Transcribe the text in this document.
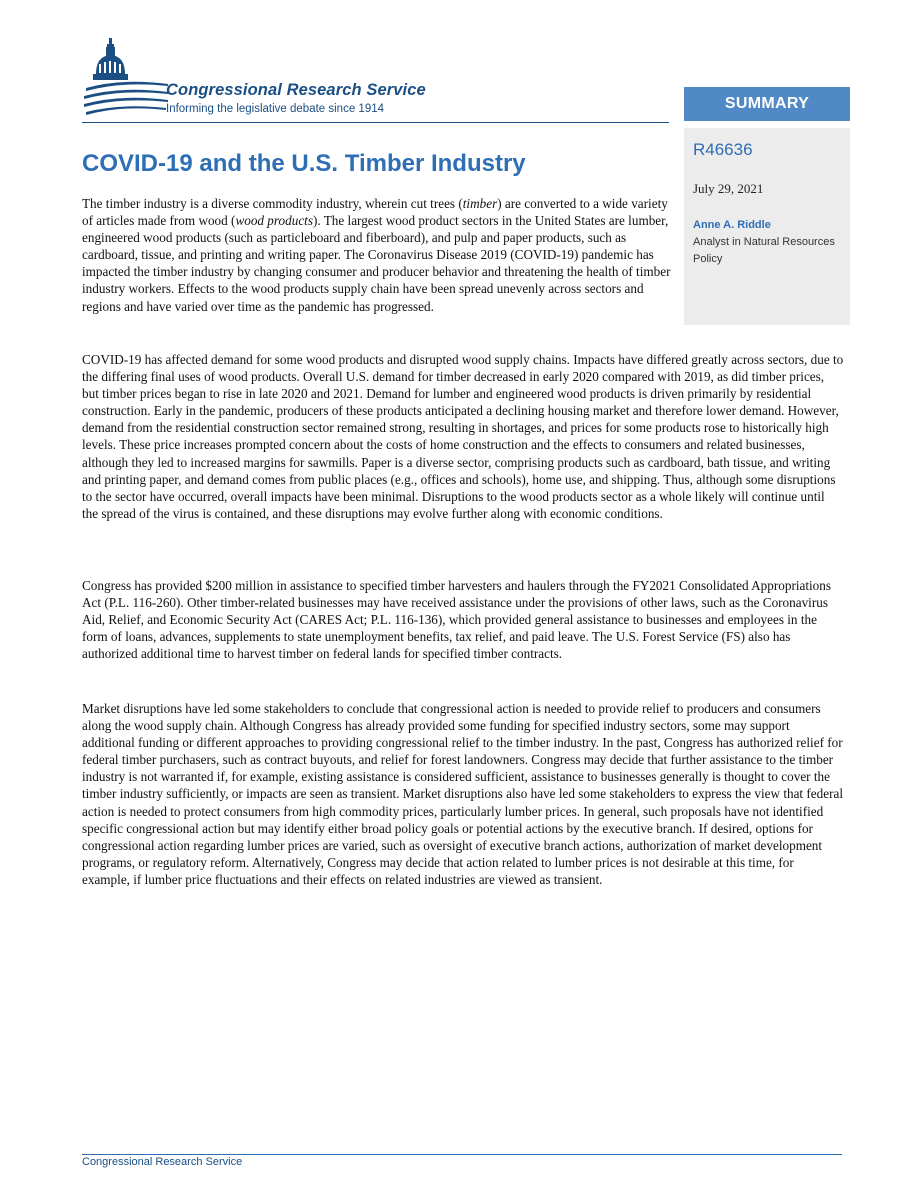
Congressional Research Service
Informing the legislative debate since 1914	SUMMARY
R46636
July 29, 2021
Anne A. Riddle
Analyst in Natural Resources Policy
COVID-19 and the U.S. Timber Industry

The timber industry is a diverse commodity industry, wherein cut trees (timber) are converted to a wide variety of articles made from wood (wood products). The largest wood product sectors in the United States are lumber, engineered wood products (such as particleboard and fiberboard), and pulp and paper products, such as cardboard, tissue, and printing and writing paper. The Coronavirus Disease 2019 (COVID-19) pandemic has impacted the timber industry by changing consumer and producer behavior and threatening the health of timber industry workers. Effects to the wood products supply chain have been spread unevenly across sectors and regions and have varied over time as the pandemic has progressed.

COVID-19 has affected demand for some wood products and disrupted wood supply chains. Impacts have differed greatly across sectors, due to the differing final uses of wood products. Overall U.S. demand for timber decreased in early 2020 compared with 2019, as did timber prices, but timber prices began to rise in late 2020 and 2021. Demand for lumber and engineered wood products is driven primarily by residential construction. Early in the pandemic, producers of these products anticipated a declining housing market and therefore lower demand. However, demand from the residential construction sector remained strong, resulting in shortages, and prices for some products rose to historically high levels. These price increases prompted concern about the costs of home construction and the effects to consumers and related businesses, although they led to increased margins for sawmills. Paper is a diverse sector, comprising products such as cardboard, bath tissue, and writing and printing paper, and demand comes from public places (e.g., offices and schools), home use, and shipping. Thus, although some disruptions to the sector have occurred, overall impacts have been minimal. Disruptions to the wood products sector as a whole likely will continue until the spread of the virus is contained, and these disruptions may evolve further along with economic conditions.

Congress has provided $200 million in assistance to specified timber harvesters and haulers through the FY2021 Consolidated Appropriations Act (P.L. 116-260). Other timber-related businesses may have received assistance under the provisions of other laws, such as the Coronavirus Aid, Relief, and Economic Security Act (CARES Act; P.L. 116-136), which provided general assistance to businesses and employees in the form of loans, advances, supplements to state unemployment benefits, tax relief, and paid leave. The U.S. Forest Service (FS) also has authorized additional time to harvest timber on federal lands for specified timber contracts.

Market disruptions have led some stakeholders to conclude that congressional action is needed to provide relief to producers and consumers along the wood supply chain. Although Congress has already provided some funding for specified industry sectors, some may support additional funding or different approaches to providing congressional relief to the timber industry. In the past, Congress has authorized relief for federal timber purchasers, such as contract buyouts, and relief for forest landowners. Congress may decide that further assistance to the timber industry is not warranted if, for example, existing assistance is considered sufficient, assistance to businesses generally is thought to cover the timber industry sufficiently, or impacts are seen as transient. Market disruptions also have led some stakeholders to express the view that federal action is needed to protect consumers from high commodity prices, particularly lumber prices. In general, such proposals have not identified specific congressional action but may identify either broad policy goals or potential actions by the executive branch. If desired, options for congressional action regarding lumber prices are varied, such as oversight of executive branch actions, authorization of market development programs, or regulatory reform. Alternatively, Congress may decide that action related to lumber prices is not desirable at this time, for example, if lumber price fluctuations and their effects on related industries are viewed as transient.

Congressional Research Service
